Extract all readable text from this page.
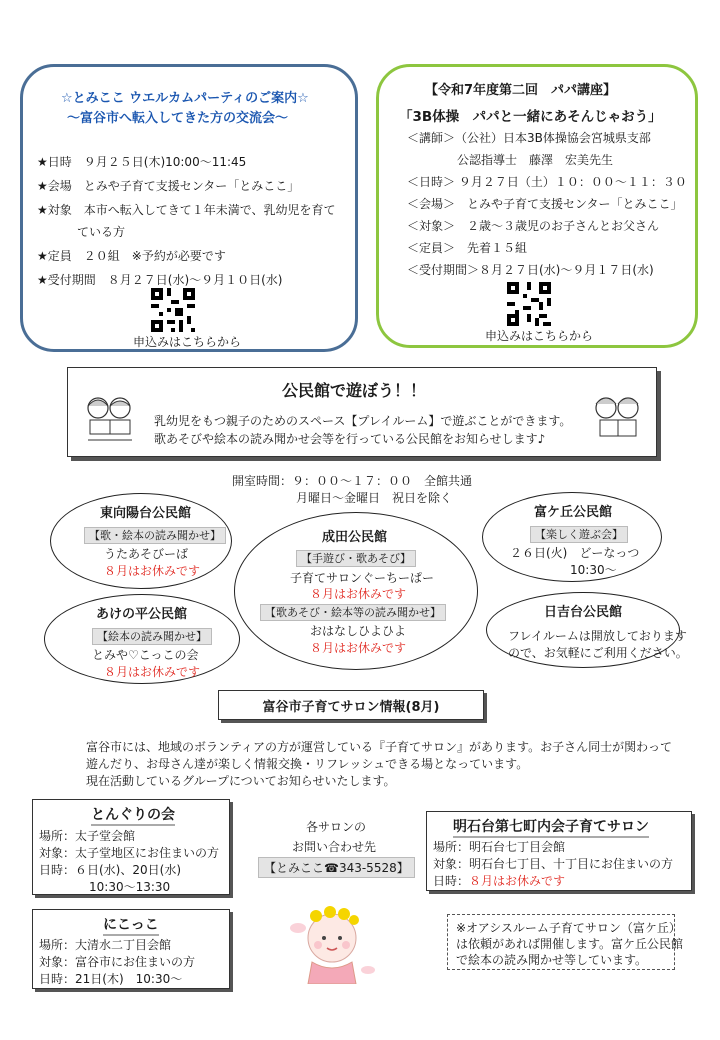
☆とみここ ウエルカムパーティのご案内☆
～富谷市へ転入してきた方の交流会～
★日時　９月２５日(木)10:00～11:45
★会場　とみや子育て支援センター「とみここ」
★対象　本市へ転入してきて１年未満で、乳幼児を育て
ている方
★定員　２０組　※予約が必要です
★受付期間　８月２７日(水)～９月１０日(水)
申込みはこちらから
【令和7年度第二回　パパ講座】
「3B体操　パパと一緒にあそんじゃおう」
＜講師＞（公社）日本3B体操協会宮城県支部
公認指導士　藤澤　宏美先生
＜日時＞ ９月２７日（土）１０：００～１１：３０
＜会場＞　とみや子育て支援センター「とみここ」
＜対象＞　２歳～３歳児のお子さんとお父さん
＜定員＞　先着１５組
＜受付期間＞８月２７日(水)～９月１７日(水)
申込みはこちらから
公民館で遊ぼう！！
乳幼児をもつ親子のためのスペース【プレイルーム】で遊ぶことができます。
歌あそびや絵本の読み聞かせ会等を行っている公民館をお知らせします♪
開室時間：９：００～１７：００　全館共通
月曜日～金曜日　祝日を除く
東向陽台公民館
【歌・絵本の読み聞かせ】
うたあそびーば
８月はお休みです
あけの平公民館
【絵本の読み聞かせ】
とみや♡こっこの会
８月はお休みです
成田公民館
【手遊び・歌あそび】
子育てサロンぐーちーぱー
８月はお休みです
【歌あそび・絵本等の読み聞かせ】
おはなしひよひよ
８月はお休みです
富ケ丘公民館
【楽しく遊ぶ会】
２６日(火)　どーなっつ
10:30～
日吉台公民館
フレイルームは開放しております
ので、お気軽にご利用ください。
富谷市子育てサロン情報(8月)
富谷市には、地域のボランティアの方が運営している『子育てサロン』があります。お子さん同士が関わって
遊んだり、お母さん達が楽しく情報交換・リフレッシュできる場となっています。
現在活動しているグループについてお知らせいたします。
とんぐりの会
場所：太子堂会館
対象：太子堂地区にお住まいの方
日時：６日(水)、20日(水)
10:30～13:30
にこっこ
場所：大清水二丁目会館
対象：富谷市にお住まいの方
日時：21日(木)　10:30～
各サロンの
お問い合わせ先
【とみここ☎343-5528】
明石台第七町内会子育てサロン
場所：明石台七丁目会館
対象：明石台七丁目、十丁目にお住まいの方
日時：８月はお休みです
※オアシスルーム子育てサロン（富ケ丘）
は依頼があれば開催します。富ケ丘公民館
で絵本の読み聞かせ等しています。
